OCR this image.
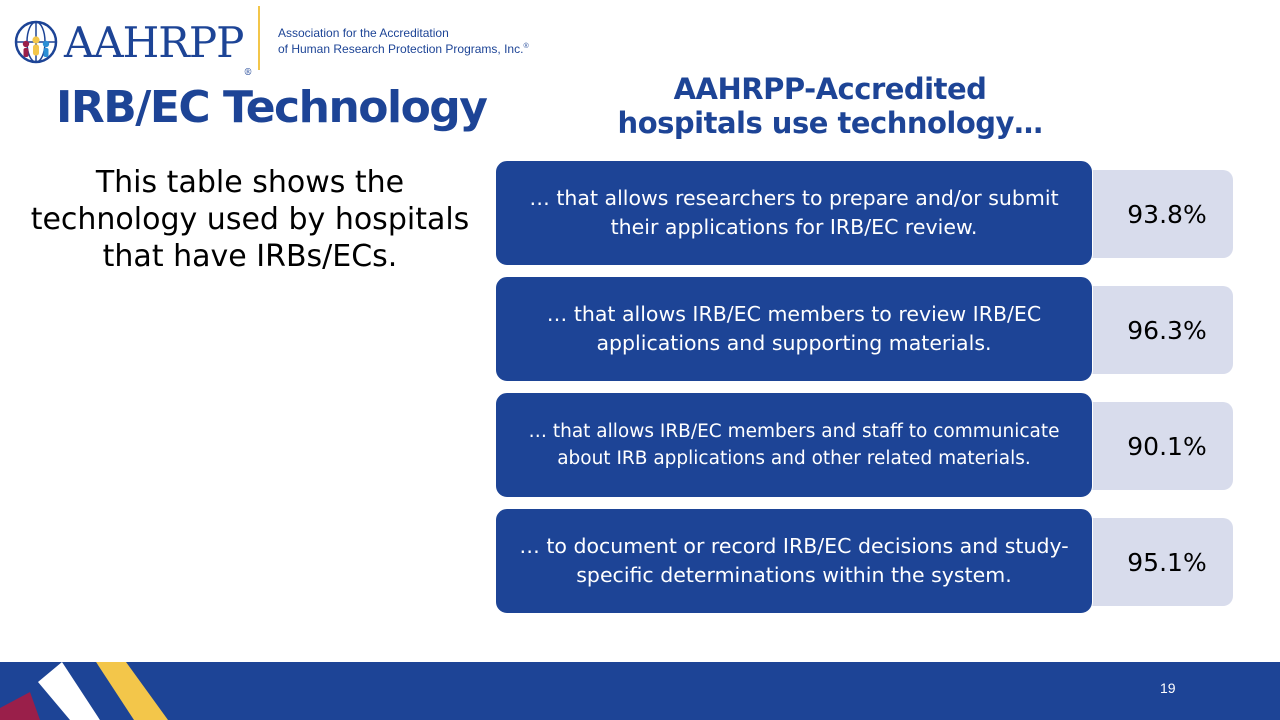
AAHRPP®
Association for the Accreditation
of Human Research Protection Programs, Inc.®
IRB/EC Technology
This table shows the technology used by hospitals that have IRBs/ECs.
AAHRPP-Accredited
hospitals use technology…
93.8%
… that allows researchers to prepare and/or submit their applications for IRB/EC review.
96.3%
… that allows IRB/EC members to review IRB/EC applications and supporting materials.
90.1%
… that allows IRB/EC members and staff to communicate about IRB applications and other related materials.
95.1%
… to document or record IRB/EC decisions and study-specific determinations within the system.
19
